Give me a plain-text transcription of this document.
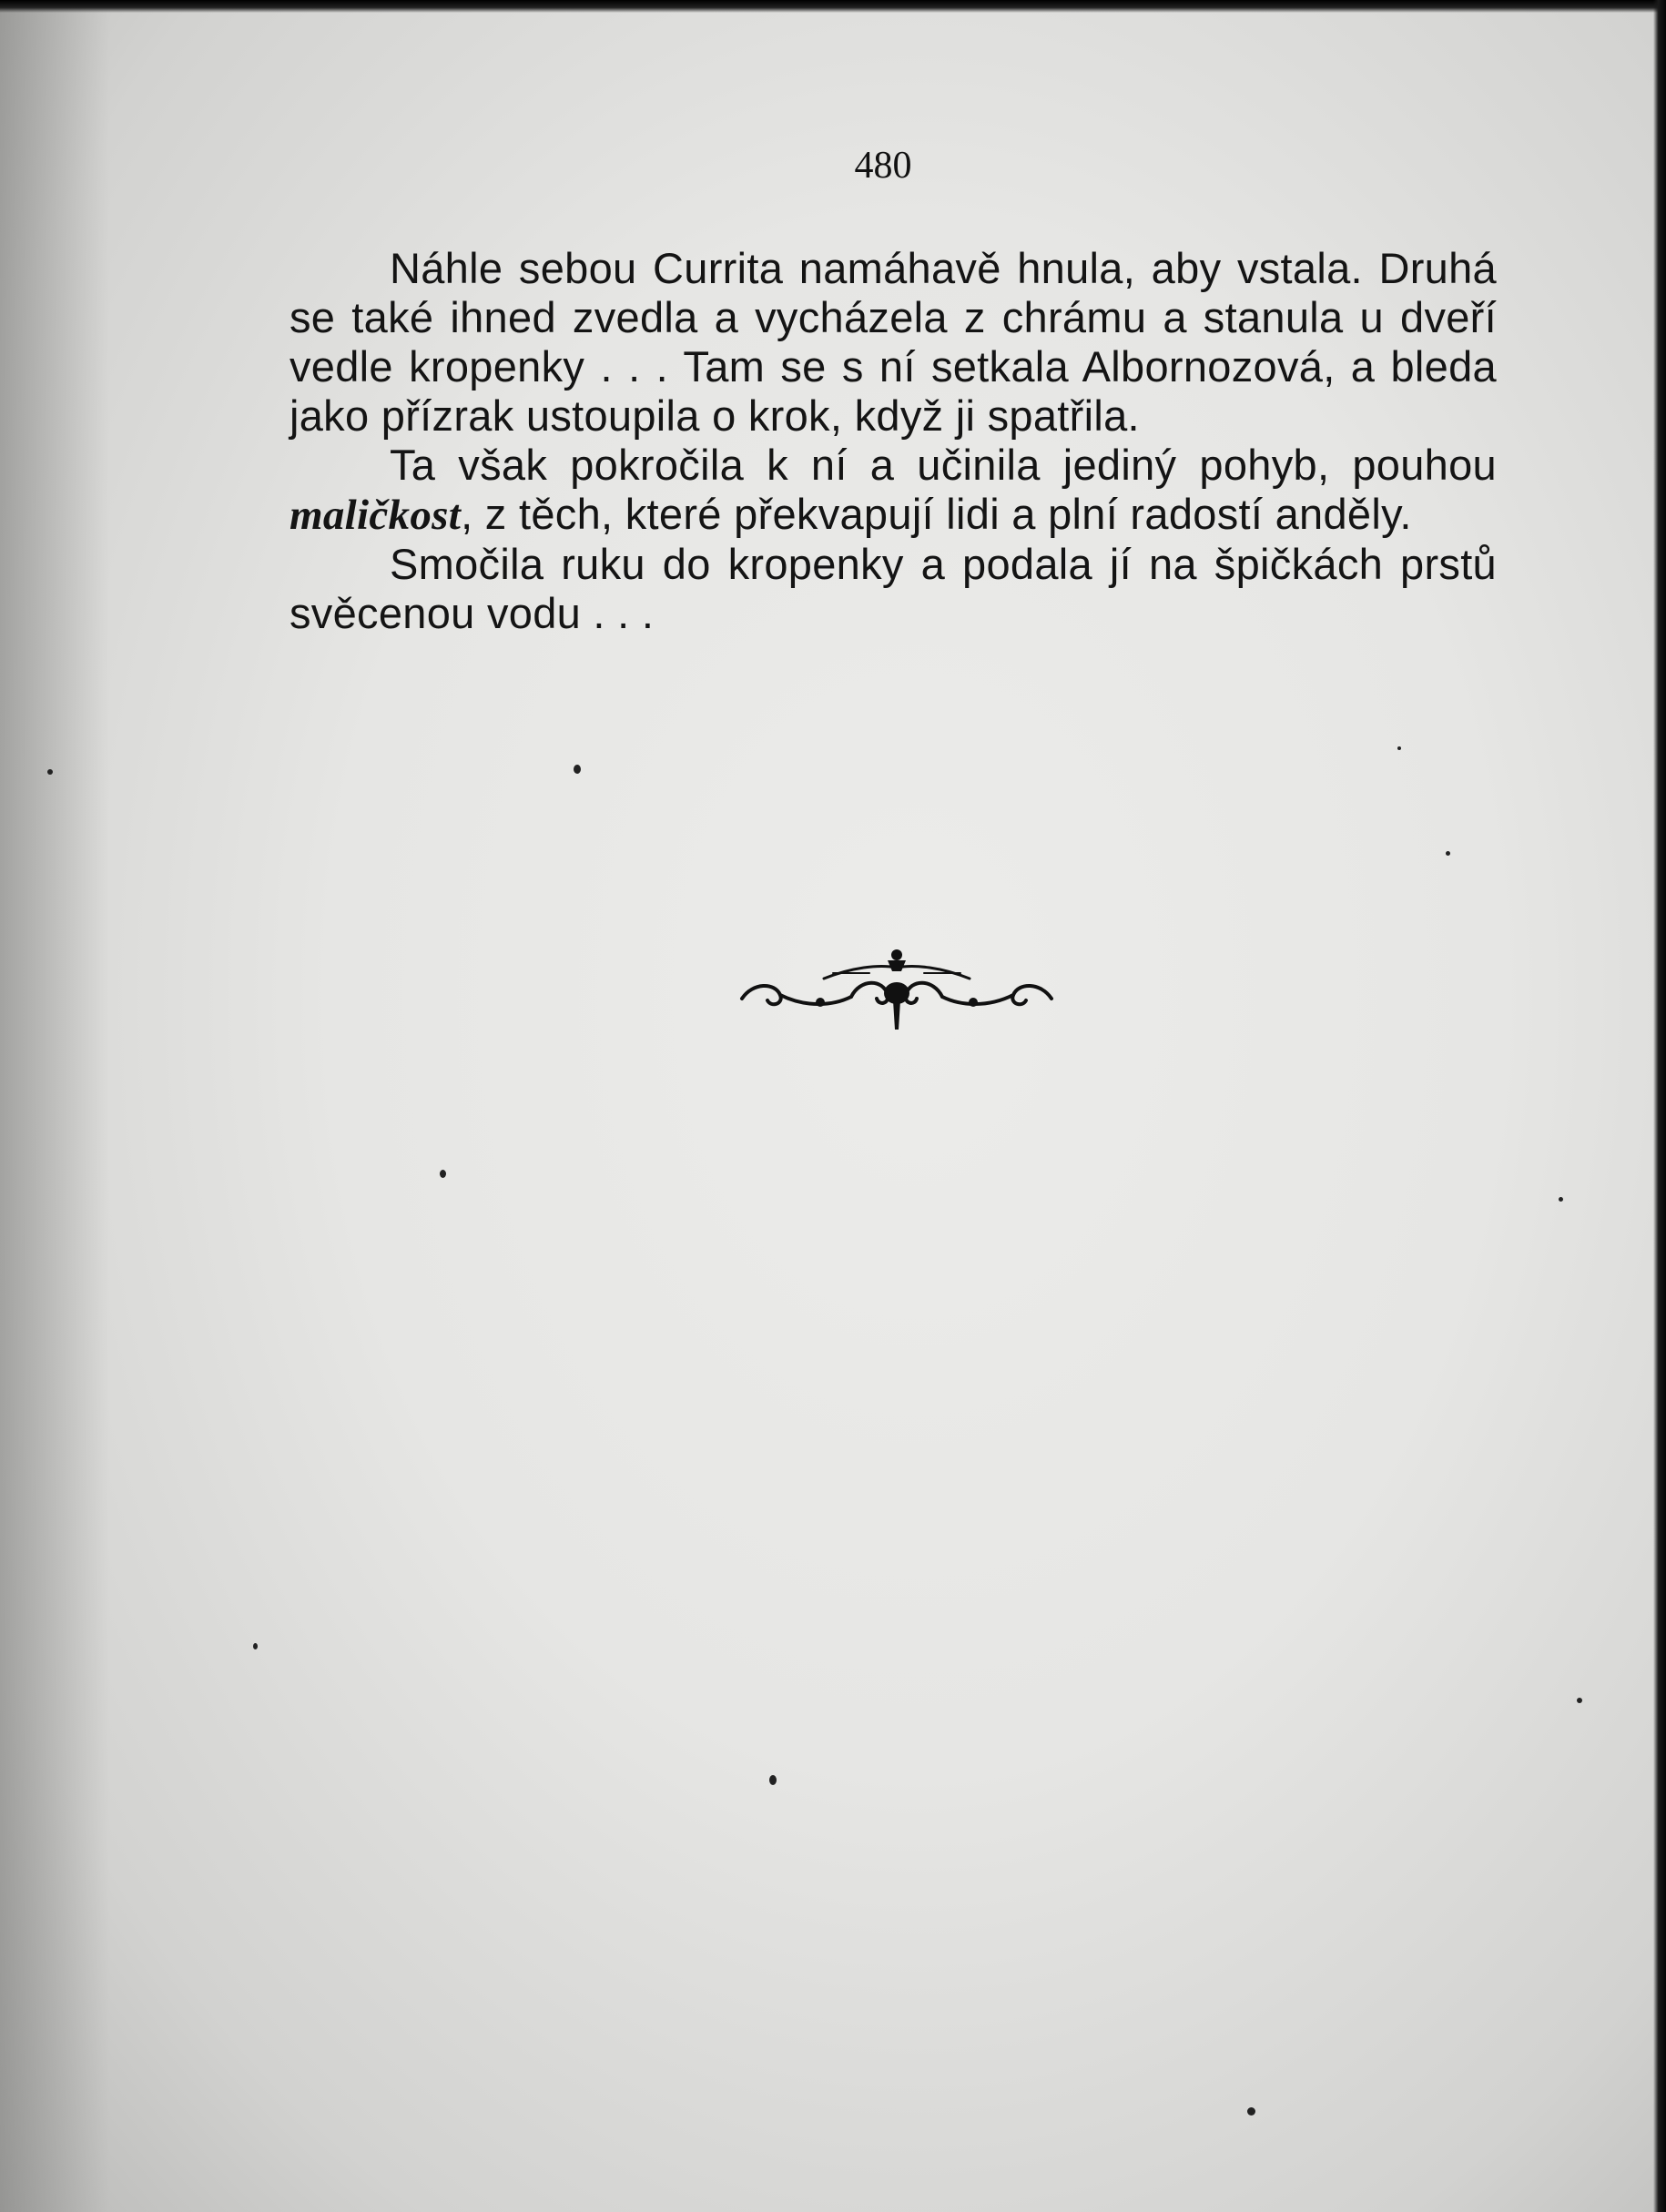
480

Náhle sebou Currita namáhavě hnula, aby vstala. Druhá se také ihned zvedla a vycházela z chrámu a stanula u dveří vedle kropenky . . . Tam se s ní setkala Albornozová, a bleda jako přízrak ustoupila o krok, když ji spatřila.

Ta však pokročila k ní a učinila jediný pohyb, pouhou maličkost, z těch, které překvapují lidi a plní radostí anděly.

Smočila ruku do kropenky a podala jí na špičkách prstů svěcenou vodu . . .
